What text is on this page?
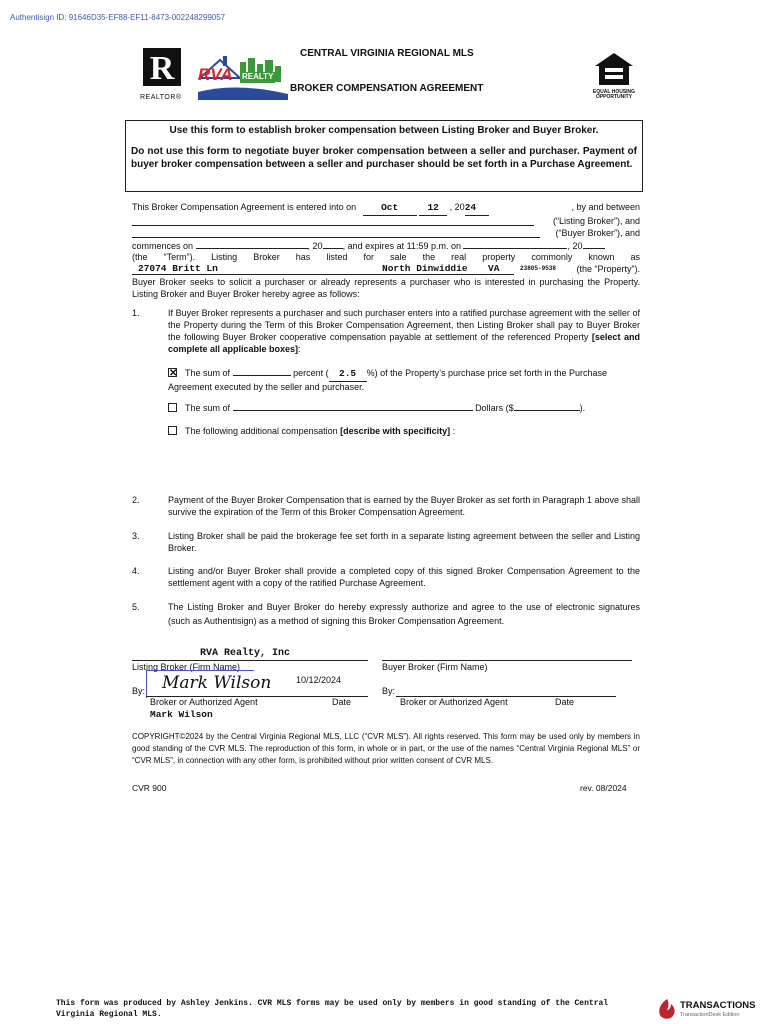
Authentisign ID: 91646D35-EF88-EF11-8473-002248299057
R
REALTOR®
RVA REALTY
CENTRAL VIRGINIA REGIONAL MLS
BROKER COMPENSATION AGREEMENT	EQUAL HOUSING
OPPORTUNITY
Use this form to establish broker compensation between Listing Broker and Buyer Broker.
Do not use this form to negotiate buyer broker compensation between a seller and purchaser. Payment of buyer broker compensation between a seller and purchaser should be set forth in a Purchase Agreement.
This Broker Compensation Agreement is entered into on	Oct	12 , 2024	, by and between
(“Listing Broker”), and
(“Buyer Broker”), and
commences on	, 20 , and expires at 11:59 p.m. on	, 20
(the “Term”). Listing Broker has listed for sale the real property commonly known as
27074 Britt Ln	North Dinwiddie VA	23805-9538 (the “Property”).
Buyer Broker seeks to solicit a purchaser or already represents a purchaser who is interested in purchasing the Property. Listing Broker and Buyer Broker hereby agree as follows:
1.	If Buyer Broker represents a purchaser and such purchaser enters into a ratified purchase agreement with the seller of the Property during the Term of this Broker Compensation Agreement, then Listing Broker shall pay to Buyer Broker the following Buyer Broker cooperative compensation payable at settlement of the referenced Property [select and complete all applicable boxes]:
✕The sum of	percent ( 2.5 %) of the Property’s purchase price set forth in the Purchase Agreement executed by the seller and purchaser.
The sum of	Dollars ($	).
The following additional compensation [describe with specificity] :
2.	Payment of the Buyer Broker Compensation that is earned by the Buyer Broker as set forth in Paragraph 1 above shall survive the expiration of the Term of this Broker Compensation Agreement.
3.	Listing Broker shall be paid the brokerage fee set forth in a separate listing agreement between the seller and Listing Broker.
4.	Listing and/or Buyer Broker shall provide a completed copy of this signed Broker Compensation Agreement to the settlement agent with a copy of the ratified Purchase Agreement.
5.	The Listing Broker and Buyer Broker do hereby expressly authorize and agree to the use of electronic signatures (such as Authentisign) as a method of signing this Broker Compensation Agreement.
RVA Realty, Inc
Listing Broker (Firm Name)	Buyer Broker (Firm Name)
By: Mark Wilson	10/12/2024
Broker or Authorized Agent	Date
Mark Wilson
By:
Broker or Authorized Agent	Date
COPYRIGHT©2024 by the Central Virginia Regional MLS, LLC (“CVR MLS”). All rights reserved. This form may be used only by members in good standing of the CVR MLS. The reproduction of this form, in whole or in part, or the use of the names “Central Virginia Regional MLS” or “CVR MLS”, in connection with any other form, is prohibited without prior written consent of CVR MLS.
CVR 900	rev. 08/2024
This form was produced by Ashley Jenkins. CVR MLS forms may be used only by members in good standing of the Central Virginia Regional MLS.
TRANSACTIONS
TransactionDesk Edition
